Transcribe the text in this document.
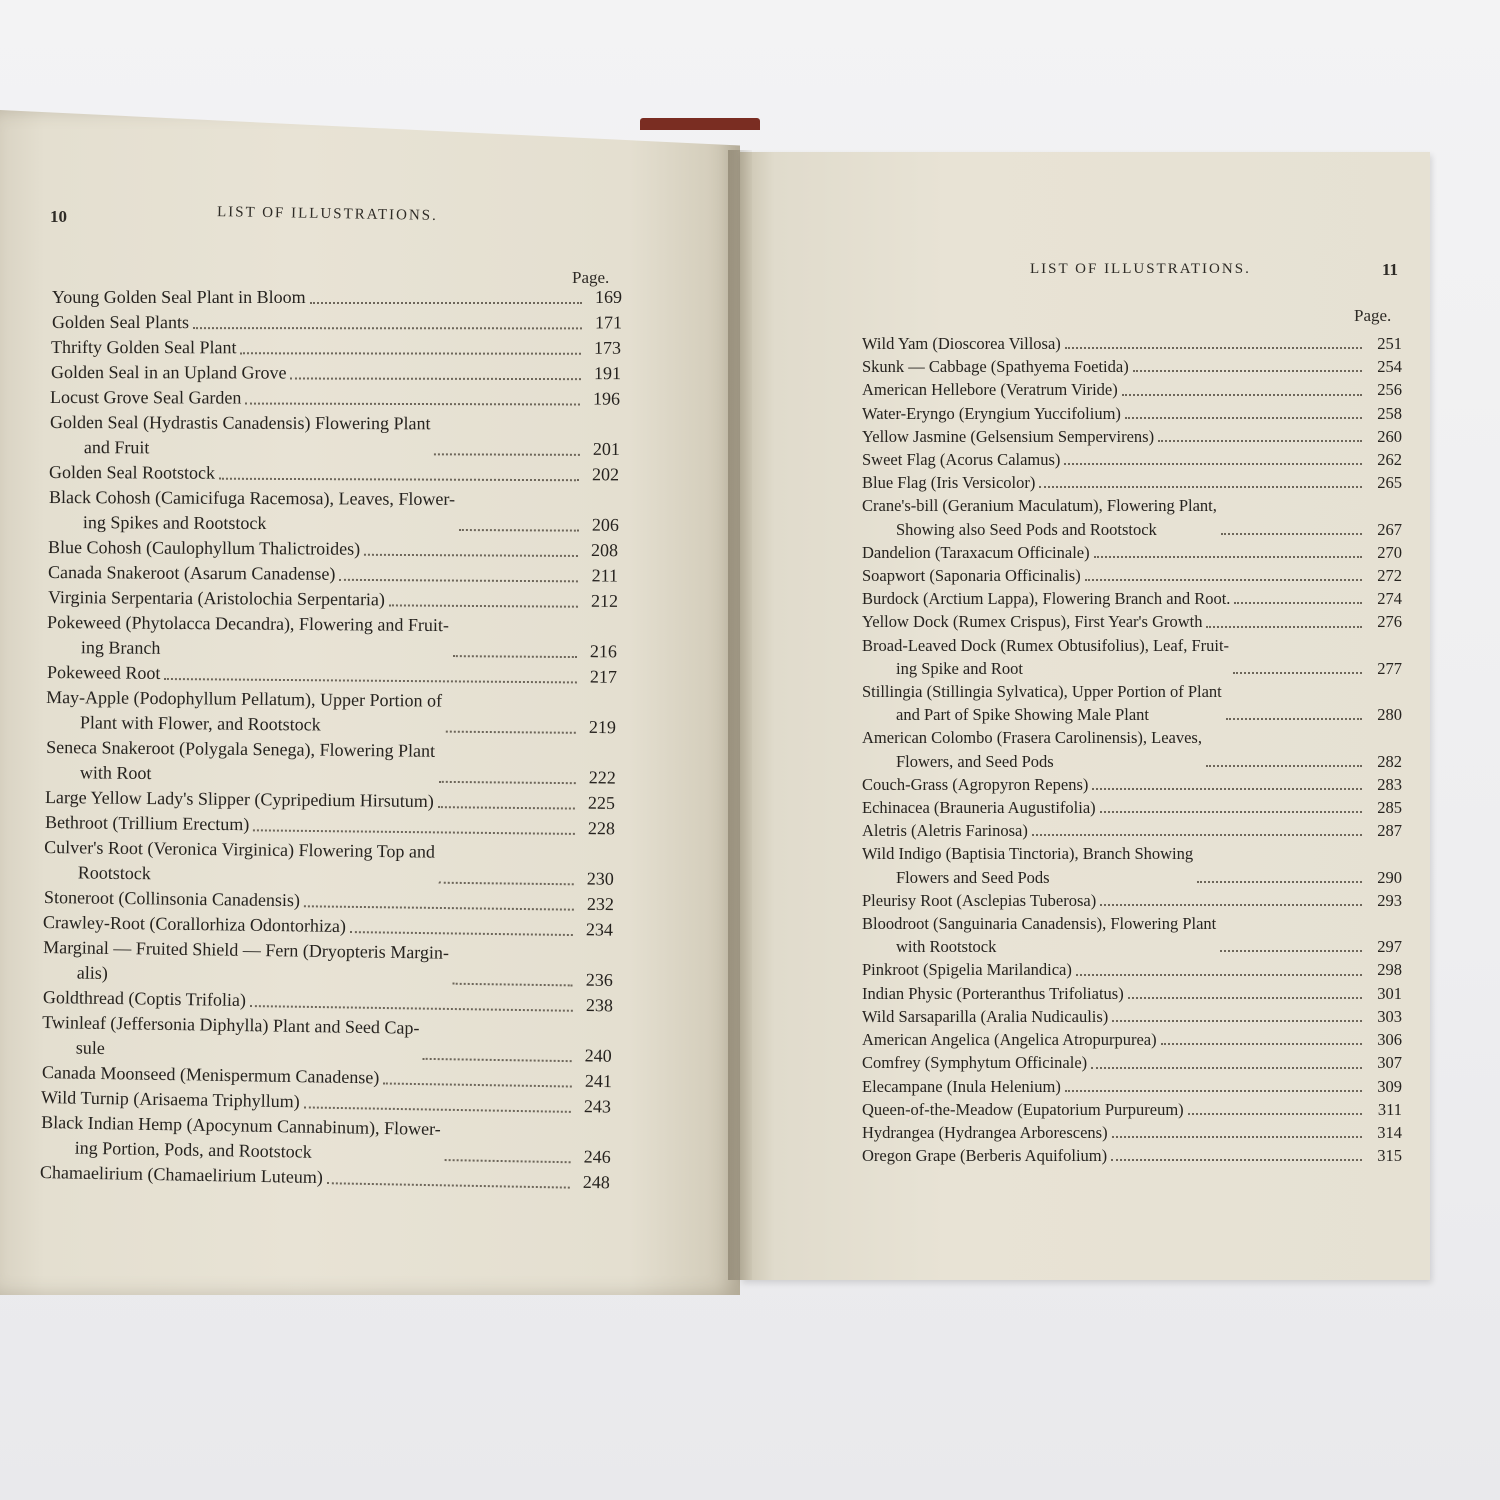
10	LIST OF ILLUSTRATIONS.
Page.
Young Golden Seal Plant in Bloom	169
Golden Seal Plants	171
Thrifty Golden Seal Plant	173
Golden Seal in an Upland Grove	191
Locust Grove Seal Garden	196
Golden Seal (Hydrastis Canadensis) Flowering Plant
and Fruit	201
Golden Seal Rootstock	202
Black Cohosh (Camicifuga Racemosa), Leaves, Flower-
ing Spikes and Rootstock	206
Blue Cohosh (Caulophyllum Thalictroides)	208
Canada Snakeroot (Asarum Canadense)	211
Virginia Serpentaria (Aristolochia Serpentaria)	212
Pokeweed (Phytolacca Decandra), Flowering and Fruit-
ing Branch	216
Pokeweed Root	217
May-Apple (Podophyllum Pellatum), Upper Portion of
Plant with Flower, and Rootstock	219
Seneca Snakeroot (Polygala Senega), Flowering Plant
with Root	222
Large Yellow Lady's Slipper (Cypripedium Hirsutum)	225
Bethroot (Trillium Erectum)	228
Culver's Root (Veronica Virginica) Flowering Top and
Rootstock	230
Stoneroot (Collinsonia Canadensis)	232
Crawley-Root (Corallorhiza Odontorhiza)	234
Marginal — Fruited Shield — Fern (Dryopteris Margin-
alis)	236
Goldthread (Coptis Trifolia)	238
Twinleaf (Jeffersonia Diphylla) Plant and Seed Cap-
sule	240
Canada Moonseed (Menispermum Canadense)	241
Wild Turnip (Arisaema Triphyllum)	243
Black Indian Hemp (Apocynum Cannabinum), Flower-
ing Portion, Pods, and Rootstock	246
Chamaelirium (Chamaelirium Luteum)	248
LIST OF ILLUSTRATIONS.	11
Page.
Wild Yam (Dioscorea Villosa)	251
Skunk — Cabbage (Spathyema Foetida)	254
American Hellebore (Veratrum Viride)	256
Water-Eryngo (Eryngium Yuccifolium)	258
Yellow Jasmine (Gelsensium Sempervirens)	260
Sweet Flag (Acorus Calamus)	262
Blue Flag (Iris Versicolor)	265
Crane's-bill (Geranium Maculatum), Flowering Plant,
Showing also Seed Pods and Rootstock	267
Dandelion (Taraxacum Officinale)	270
Soapwort (Saponaria Officinalis)	272
Burdock (Arctium Lappa), Flowering Branch and Root.	274
Yellow Dock (Rumex Crispus), First Year's Growth	276
Broad-Leaved Dock (Rumex Obtusifolius), Leaf, Fruit-
ing Spike and Root	277
Stillingia (Stillingia Sylvatica), Upper Portion of Plant
and Part of Spike Showing Male Plant	280
American Colombo (Frasera Carolinensis), Leaves,
Flowers, and Seed Pods	282
Couch-Grass (Agropyron Repens)	283
Echinacea (Brauneria Augustifolia)	285
Aletris (Aletris Farinosa)	287
Wild Indigo (Baptisia Tinctoria), Branch Showing
Flowers and Seed Pods	290
Pleurisy Root (Asclepias Tuberosa)	293
Bloodroot (Sanguinaria Canadensis), Flowering Plant
with Rootstock	297
Pinkroot (Spigelia Marilandica)	298
Indian Physic (Porteranthus Trifoliatus)	301
Wild Sarsaparilla (Aralia Nudicaulis)	303
American Angelica (Angelica Atropurpurea)	306
Comfrey (Symphytum Officinale)	307
Elecampane (Inula Helenium)	309
Queen-of-the-Meadow (Eupatorium Purpureum)	311
Hydrangea (Hydrangea Arborescens)	314
Oregon Grape (Berberis Aquifolium)	315
